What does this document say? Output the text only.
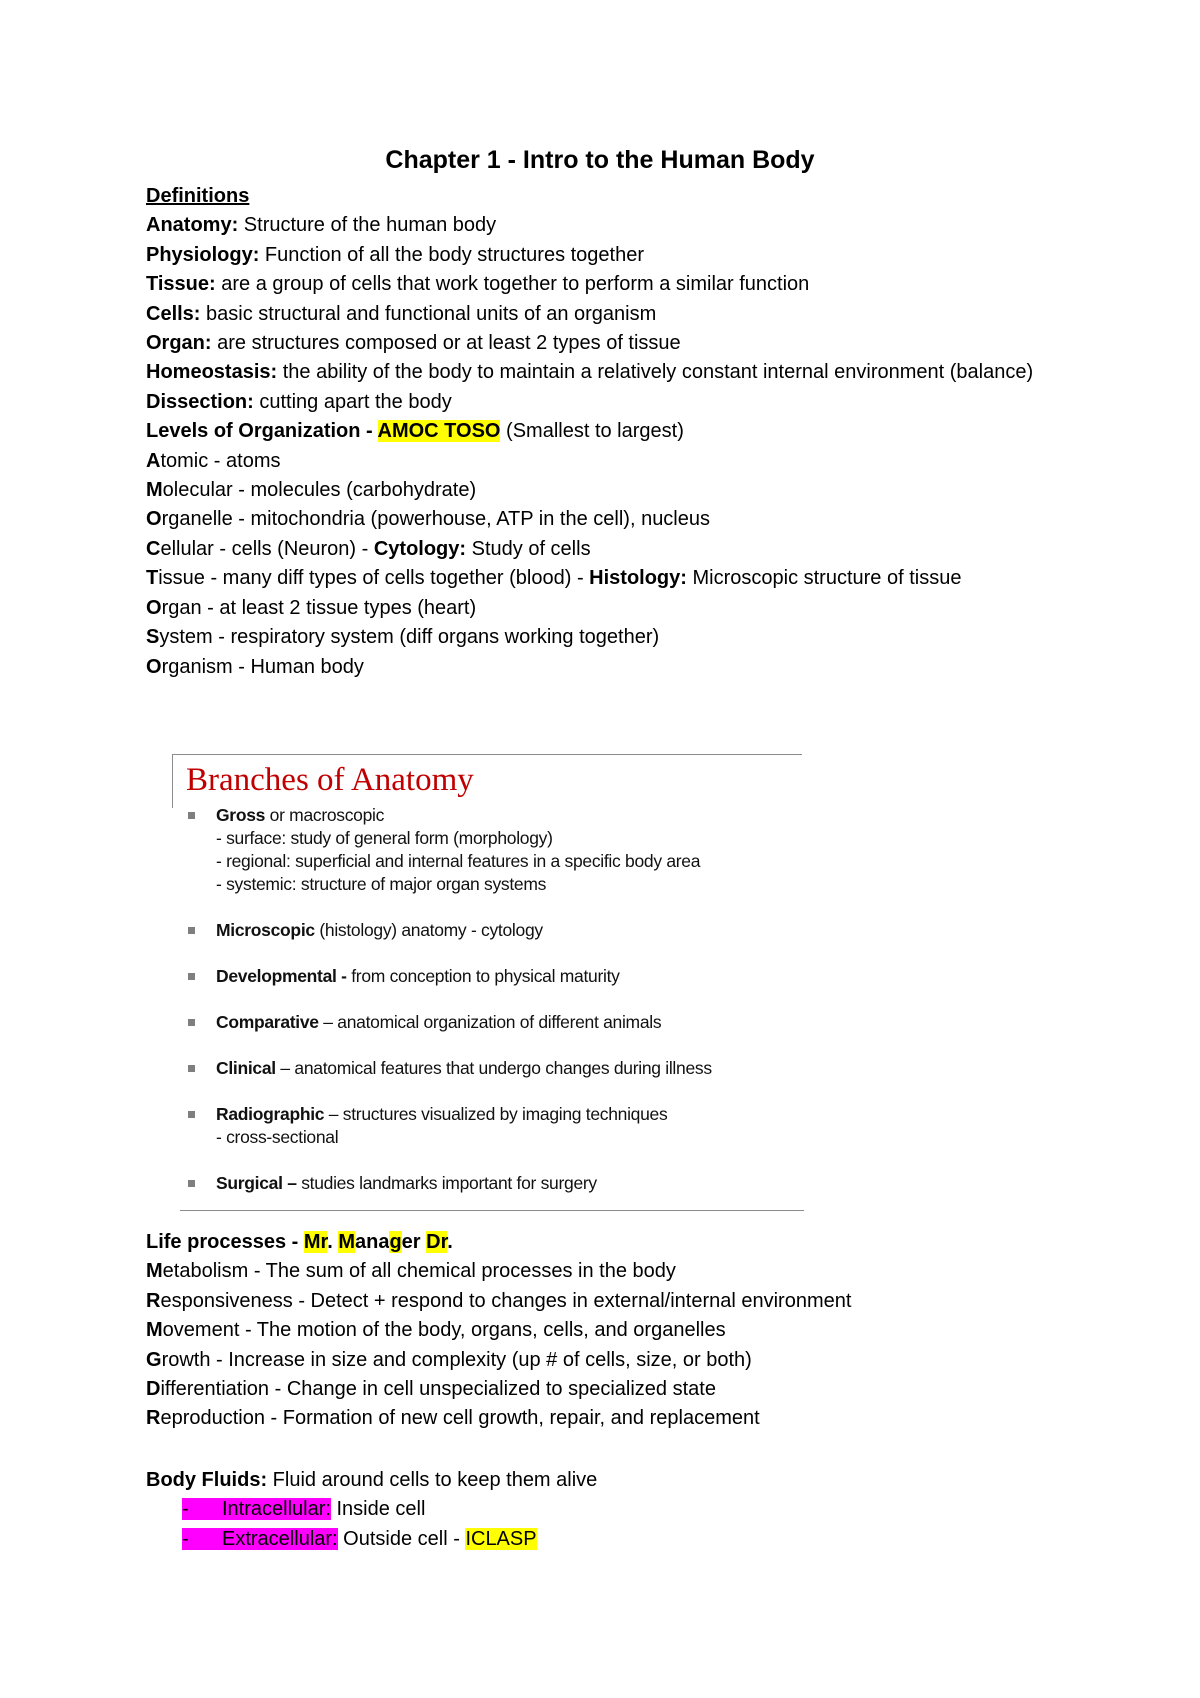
Chapter 1 - Intro to the Human Body
Definitions
Anatomy: Structure of the human body
Physiology: Function of all the body structures together
Tissue: are a group of cells that work together to perform a similar function
Cells: basic structural and functional units of an organism
Organ: are structures composed or at least 2 types of tissue
Homeostasis: the ability of the body to maintain a relatively constant internal environment (balance)
Dissection: cutting apart the body
Levels of Organization - AMOC TOSO (Smallest to largest)
Atomic - atoms
Molecular - molecules (carbohydrate)
Organelle - mitochondria (powerhouse, ATP in the cell), nucleus
Cellular - cells (Neuron) - Cytology: Study of cells
Tissue - many diff types of cells together (blood) - Histology: Microscopic structure of tissue
Organ - at least 2 tissue types (heart)
System - respiratory system (diff organs working together)
Organism - Human body
Branches of Anatomy
Gross or macroscopic
- surface: study of general form (morphology)
- regional: superficial and internal features in a specific body area
- systemic: structure of major organ systems
Microscopic (histology) anatomy - cytology
Developmental - from conception to physical maturity
Comparative – anatomical organization of different animals
Clinical – anatomical features that undergo changes during illness
Radiographic – structures visualized by imaging techniques
- cross-sectional
Surgical – studies landmarks important for surgery
Life processes - Mr. Manager Dr.
Metabolism - The sum of all chemical processes in the body
Responsiveness - Detect + respond to changes in external/internal environment
Movement - The motion of the body, organs, cells, and organelles
Growth - Increase in size and complexity (up # of cells, size, or both)
Differentiation - Change in cell unspecialized to specialized state
Reproduction - Formation of new cell growth, repair, and replacement
Body Fluids: Fluid around cells to keep them alive
-      Intracellular: Inside cell
-      Extracellular: Outside cell - ICLASP
